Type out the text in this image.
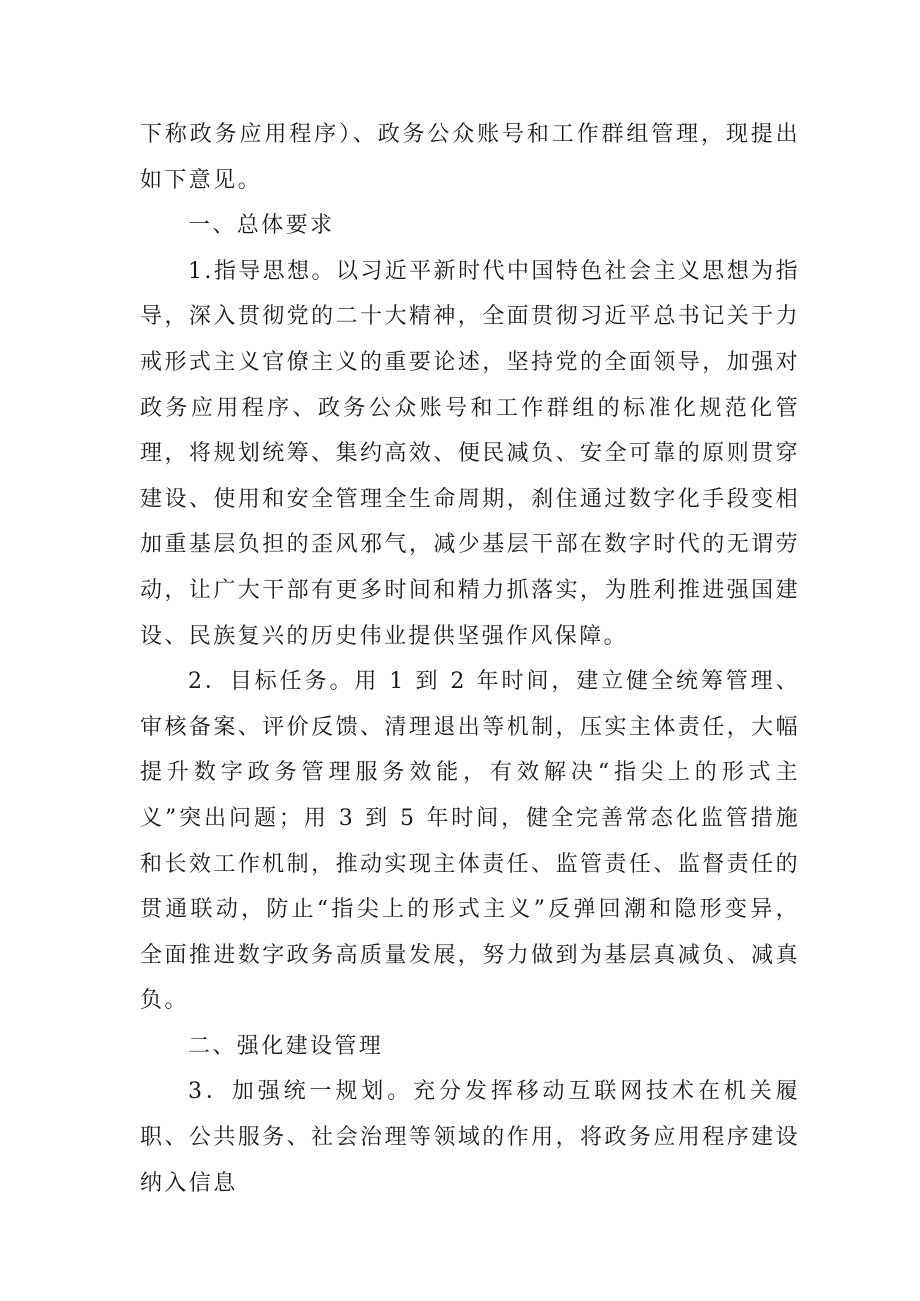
下称政务应用程序）、政务公众账号和工作群组管理，现提出如下意见。

一、总体要求

1.指导思想。以习近平新时代中国特色社会主义思想为指导，深入贯彻党的二十大精神，全面贯彻习近平总书记关于力戒形式主义官僚主义的重要论述，坚持党的全面领导，加强对政务应用程序、政务公众账号和工作群组的标准化规范化管理，将规划统筹、集约高效、便民减负、安全可靠的原则贯穿建设、使用和安全管理全生命周期，刹住通过数字化手段变相加重基层负担的歪风邪气，减少基层干部在数字时代的无谓劳动，让广大干部有更多时间和精力抓落实，为胜利推进强国建设、民族复兴的历史伟业提供坚强作风保障。

2．目标任务。用 1 到 2 年时间，建立健全统筹管理、审核备案、评价反馈、清理退出等机制，压实主体责任，大幅提升数字政务管理服务效能，有效解决“指尖上的形式主义”突出问题；用 3 到 5 年时间，健全完善常态化监管措施和长效工作机制，推动实现主体责任、监管责任、监督责任的贯通联动，防止“指尖上的形式主义”反弹回潮和隐形变异，全面推进数字政务高质量发展，努力做到为基层真减负、减真负。

二、强化建设管理

3．加强统一规划。充分发挥移动互联网技术在机关履职、公共服务、社会治理等领域的作用，将政务应用程序建设纳入信息
